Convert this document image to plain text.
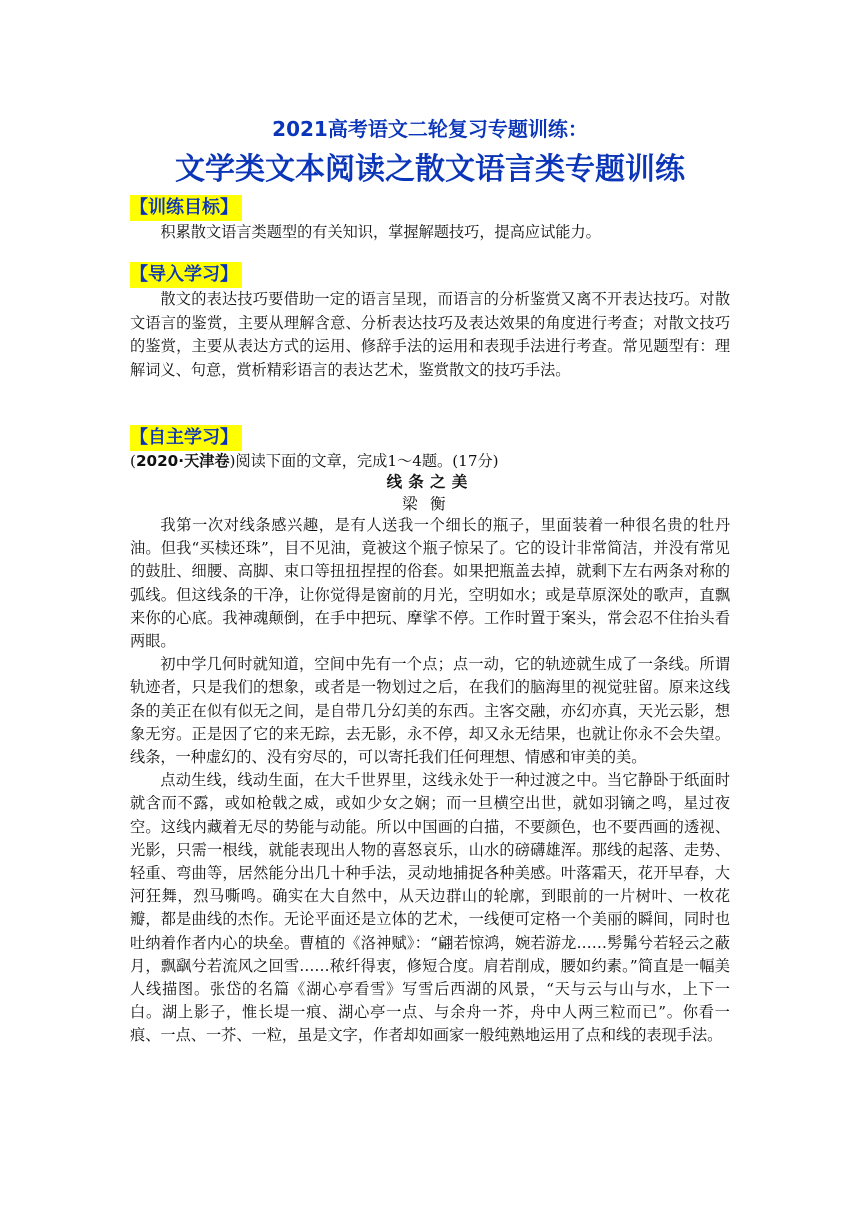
2021高考语文二轮复习专题训练：
文学类文本阅读之散文语言类专题训练
【训练目标】

积累散文语言类题型的有关知识，掌握解题技巧，提高应试能力。

【导入学习】

散文的表达技巧要借助一定的语言呈现，而语言的分析鉴赏又离不开表达技巧。对散文语言的鉴赏，主要从理解含意、分析表达技巧及表达效果的角度进行考查；对散文技巧的鉴赏，主要从表达方式的运用、修辞手法的运用和表现手法进行考查。常见题型有：理解词义、句意，赏析精彩语言的表达艺术，鉴赏散文的技巧手法。

【自主学习】
(2020·天津卷)阅读下面的文章，完成1～4题。(17分)
线条之美
梁衡

我第一次对线条感兴趣，是有人送我一个细长的瓶子，里面装着一种很名贵的牡丹油。但我“买椟还珠”，目不见油，竟被这个瓶子惊呆了。它的设计非常简洁，并没有常见的鼓肚、细腰、高脚、束口等扭扭捏捏的俗套。如果把瓶盖去掉，就剩下左右两条对称的弧线。但这线条的干净，让你觉得是窗前的月光，空明如水；或是草原深处的歌声，直飘来你的心底。我神魂颠倒，在手中把玩、摩挲不停。工作时置于案头，常会忍不住抬头看两眼。

初中学几何时就知道，空间中先有一个点；点一动，它的轨迹就生成了一条线。所谓轨迹者，只是我们的想象，或者是一物划过之后，在我们的脑海里的视觉驻留。原来这线条的美正在似有似无之间，是自带几分幻美的东西。主客交融，亦幻亦真，天光云影，想象无穷。正是因了它的来无踪，去无影，永不停，却又永无结果，也就让你永不会失望。线条，一种虚幻的、没有穷尽的，可以寄托我们任何理想、情感和审美的美。

点动生线，线动生面，在大千世界里，这线永处于一种过渡之中。当它静卧于纸面时就含而不露，或如枪戟之威，或如少女之娴；而一旦横空出世，就如羽镝之鸣，星过夜空。这线内藏着无尽的势能与动能。所以中国画的白描，不要颜色，也不要西画的透视、光影，只需一根线，就能表现出人物的喜怒哀乐，山水的磅礴雄浑。那线的起落、走势、轻重、弯曲等，居然能分出几十种手法，灵动地捕捉各种美感。叶落霜天，花开早春，大河狂舞，烈马嘶鸣。确实在大自然中，从天边群山的轮廓，到眼前的一片树叶、一枚花瓣，都是曲线的杰作。无论平面还是立体的艺术，一线便可定格一个美丽的瞬间，同时也吐纳着作者内心的块垒。曹植的《洛神赋》：“翩若惊鸿，婉若游龙……髣髴兮若轻云之蔽月，飘飖兮若流风之回雪……秾纤得衷，修短合度。肩若削成，腰如约素。”简直是一幅美人线描图。张岱的名篇《湖心亭看雪》写雪后西湖的风景，“天与云与山与水，上下一白。湖上影子，惟长堤一痕、湖心亭一点、与余舟一芥，舟中人两三粒而已”。你看一痕、一点、一芥、一粒，虽是文字，作者却如画家一般纯熟地运用了点和线的表现手法。
